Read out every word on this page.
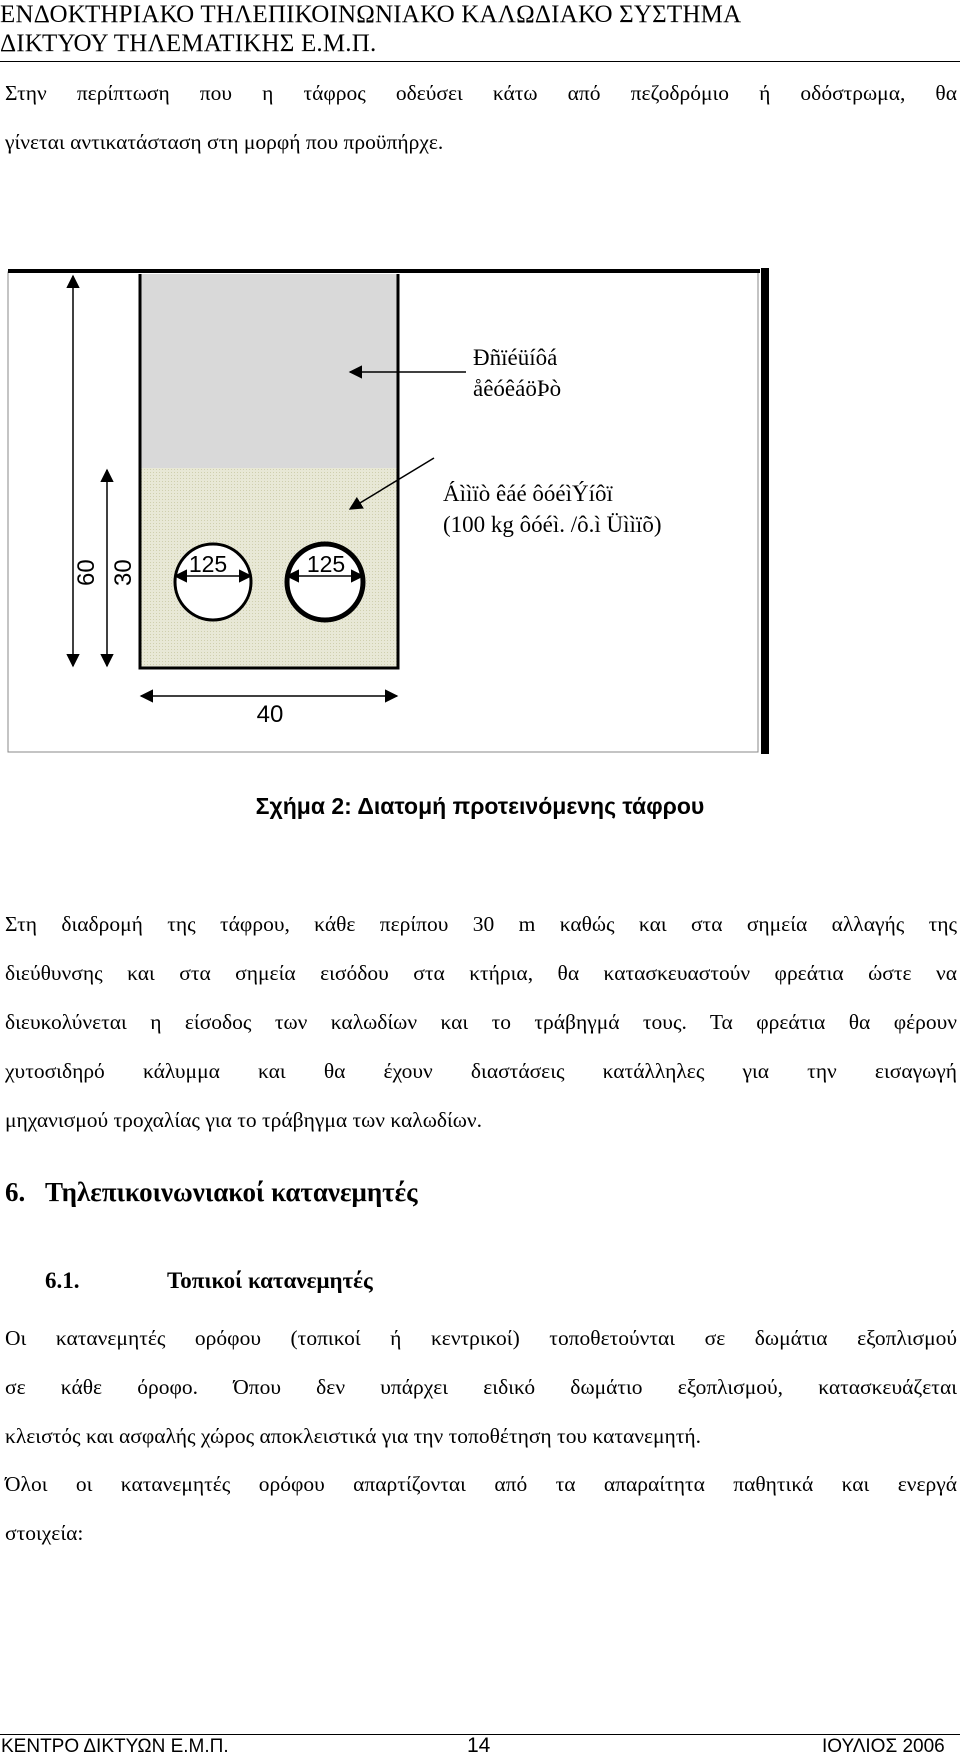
ΕΝΔΟΚΤΗΡΙΑΚΟ ΤΗΛΕΠΙΚΟΙΝΩΝΙΑΚΟ ΚΑΛΩΔΙΑΚΟ ΣΥΣΤΗΜΑ
ΔΙΚΤΥΟΥ ΤΗΛΕΜΑΤΙΚΗΣ Ε.Μ.Π.
Στην περίπτωση που η τάφρος οδεύσει κάτω από πεζοδρόμιο ή οδόστρωμα, θα
γίνεται αντικατάσταση στη μορφή που προϋπήρχε.
125	125
60 30
40
Ðñïéüíôá
åêóêáöÞò
Áììïò êáé ôóéìÝíôï
(100 kg ôóéì. /ô.ì Üììïõ)
Σχήμα 2: Διατομή προτεινόμενης τάφρου
Στη διαδρομή της τάφρου, κάθε περίπου 30 m καθώς και στα σημεία αλλαγής της
διεύθυνσης και στα σημεία εισόδου στα κτήρια, θα κατασκευαστούν φρεάτια ώστε να
διευκολύνεται η είσοδος των καλωδίων και το τράβηγμά τους. Τα φρεάτια θα φέρουν
χυτοσιδηρό κάλυμμα και θα έχουν διαστάσεις κατάλληλες για την εισαγωγή
μηχανισμού τροχαλίας για το τράβηγμα των καλωδίων.
6. Τηλεπικοινωνιακοί κατανεμητές
6.1.	Τοπικοί κατανεμητές
Οι κατανεμητές ορόφου (τοπικοί ή κεντρικοί) τοποθετούνται σε δωμάτια εξοπλισμού
σε κάθε όροφο. Όπου δεν υπάρχει ειδικό δωμάτιο εξοπλισμού, κατασκευάζεται
κλειστός και ασφαλής χώρος αποκλειστικά για την τοποθέτηση του κατανεμητή.
Όλοι οι κατανεμητές ορόφου απαρτίζονται από τα απαραίτητα παθητικά και ενεργά
στοιχεία:
ΚΕΝΤΡΟ ΔΙΚΤΥΩΝ Ε.Μ.Π.	14	ΙΟΥΛΙΟΣ 2006
